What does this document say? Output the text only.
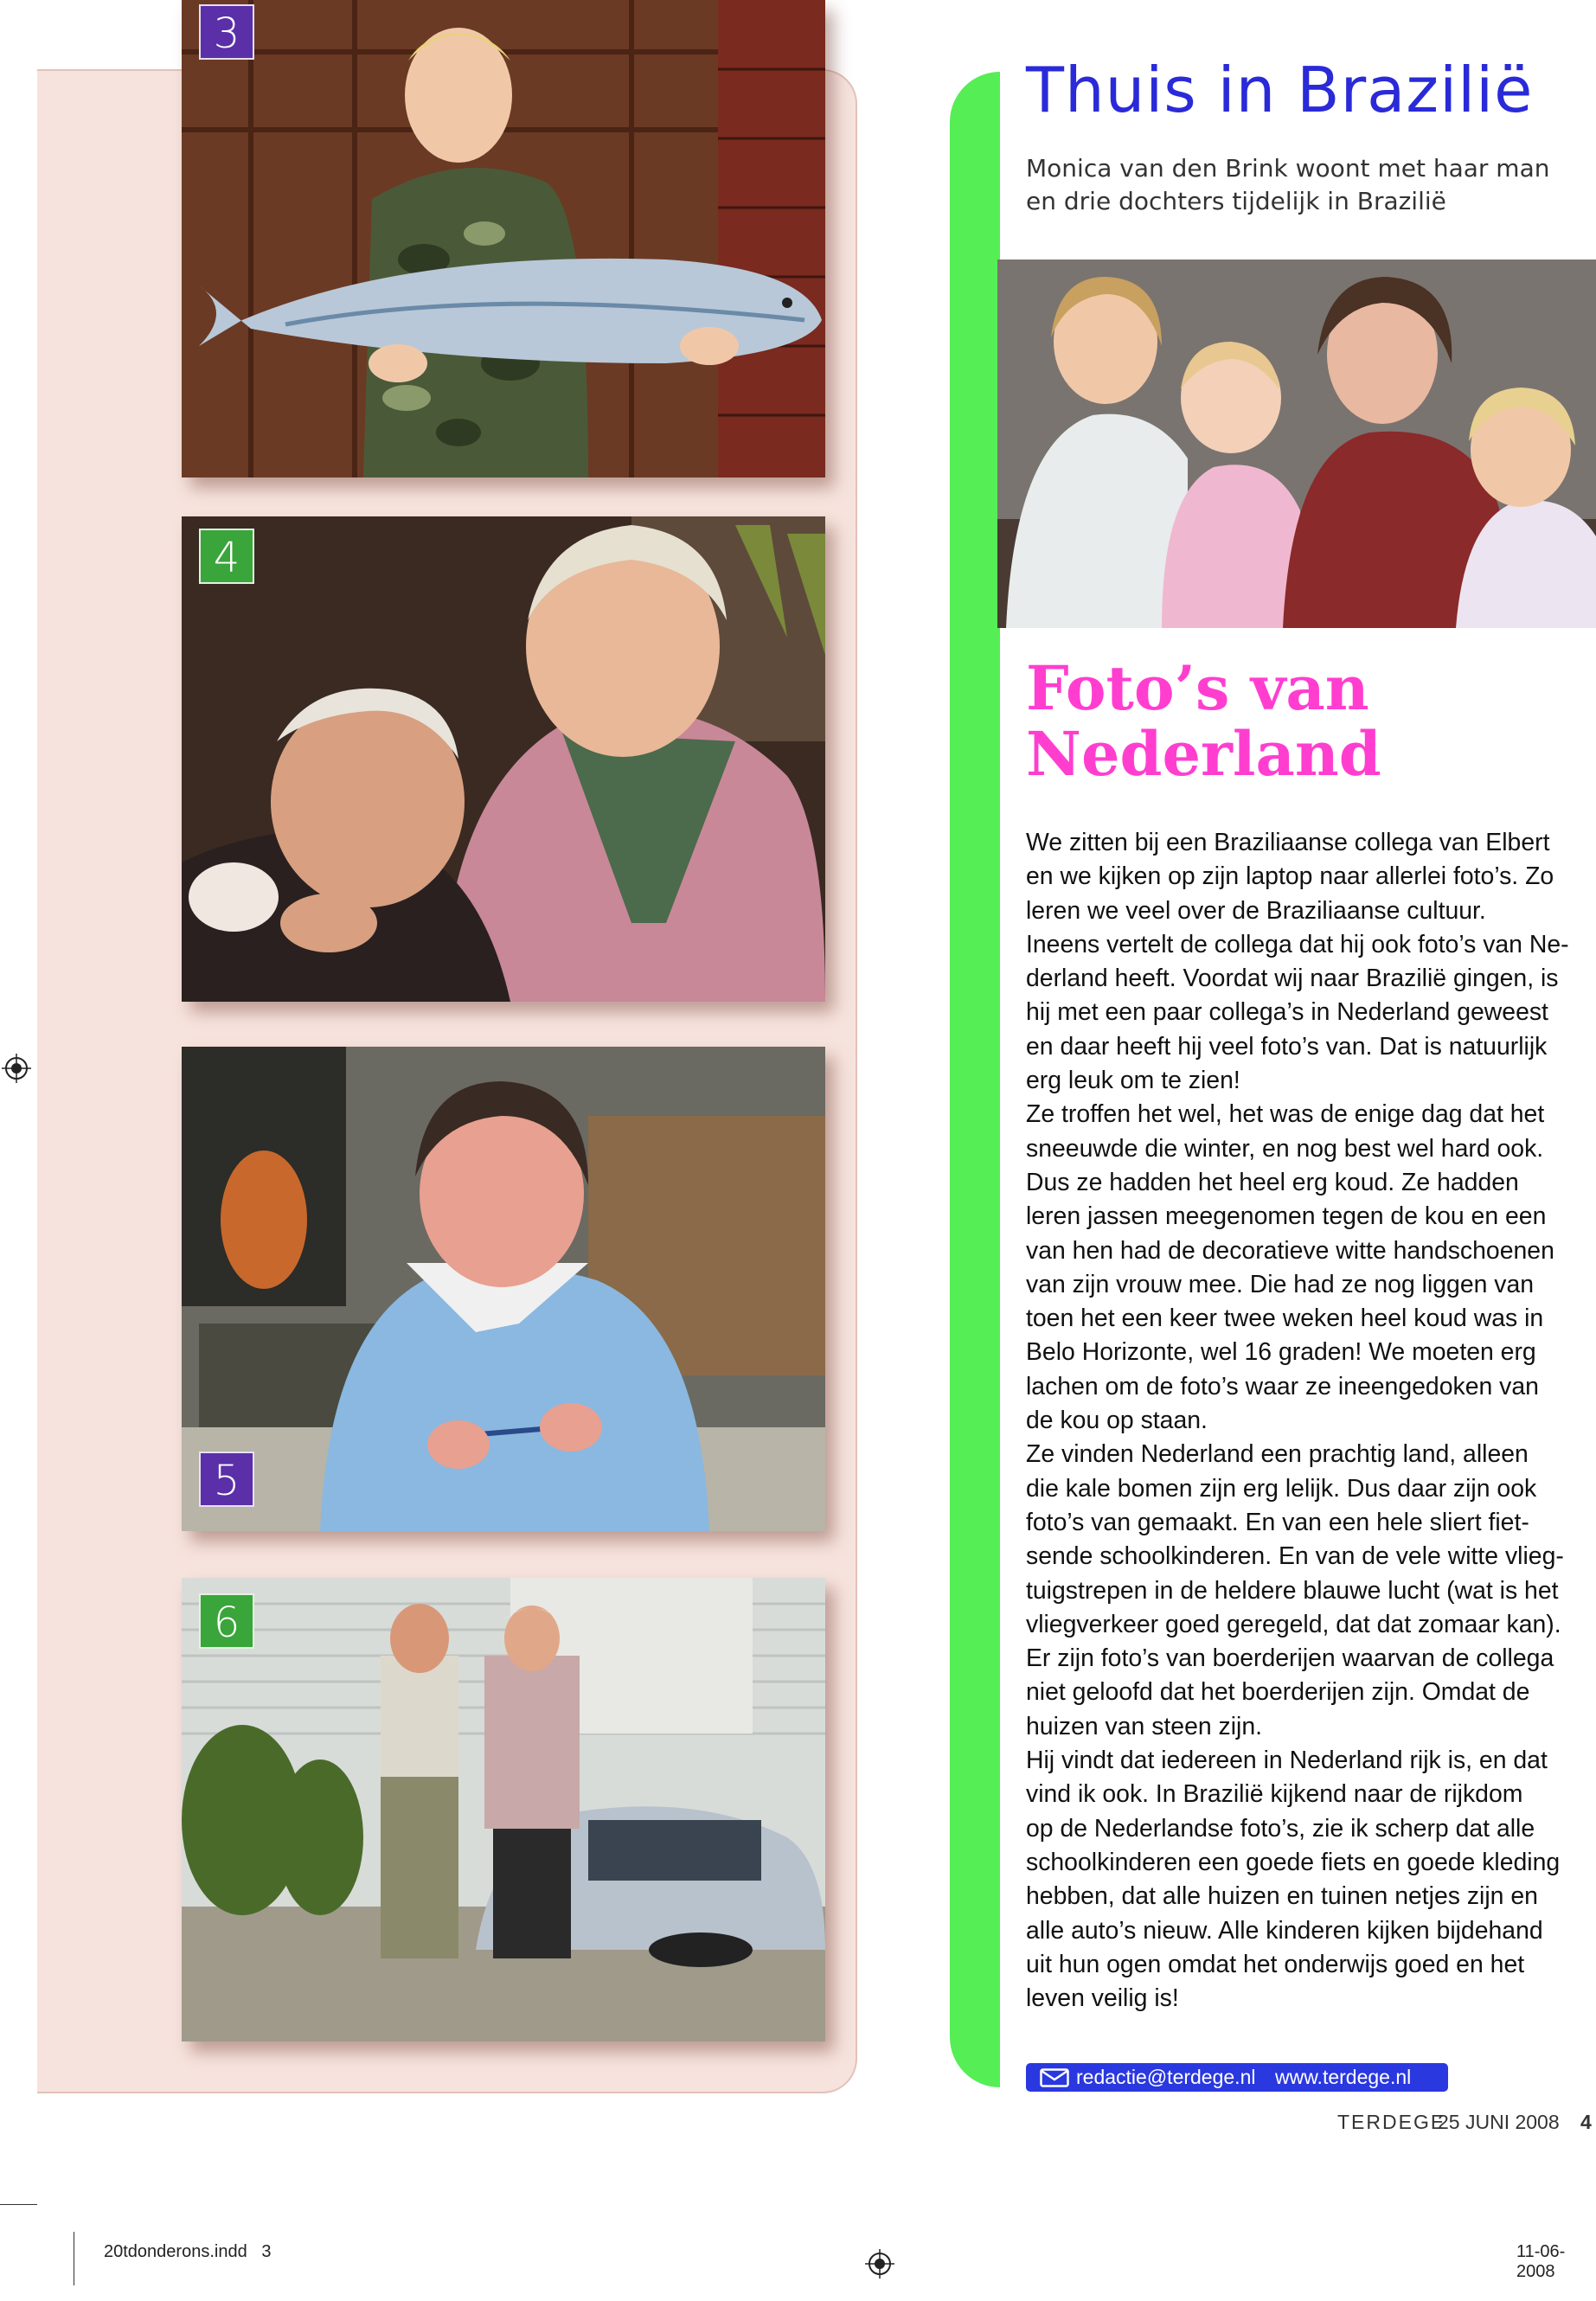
3
4
5
6
Thuis in Brazilië
Monica van den Brink woont met haar man en drie dochters tijdelijk in Brazilië
Foto’s van
Nederland
We zitten bij een Braziliaanse collega van Elbert
en we kijken op zijn laptop naar allerlei foto’s. Zo
leren we veel over de Braziliaanse cultuur.
Ineens vertelt de collega dat hij ook foto’s van Ne-
derland heeft. Voordat wij naar Brazilië gingen, is
hij met een paar collega’s in Nederland geweest
en daar heeft hij veel foto’s van. Dat is natuurlijk
erg leuk om te zien!
Ze troffen het wel, het was de enige dag dat het
sneeuwde die winter, en nog best wel hard ook.
Dus ze hadden het heel erg koud. Ze hadden
leren jassen meegenomen tegen de kou en een
van hen had de decoratieve witte handschoenen
van zijn vrouw mee. Die had ze nog liggen van
toen het een keer twee weken heel koud was in
Belo Horizonte, wel 16 graden! We moeten erg
lachen om de foto’s waar ze ineengedoken van
de kou op staan.
Ze vinden Nederland een prachtig land, alleen
die kale bomen zijn erg lelijk. Dus daar zijn ook
foto’s van gemaakt. En van een hele sliert fiet-
sende schoolkinderen. En van de vele witte vlieg-
tuigstrepen in de heldere blauwe lucht (wat is het
vliegverkeer goed geregeld, dat dat zomaar kan).
Er zijn foto’s van boerderijen waarvan de collega
niet geloofd dat het boerderijen zijn. Omdat de
huizen van steen zijn.
Hij vindt dat iedereen in Nederland rijk is, en dat
vind ik ook. In Brazilië kijkend naar de rijkdom
op de Nederlandse foto’s, zie ik scherp dat alle
schoolkinderen een goede fiets en goede kleding
hebben, dat alle huizen en tuinen netjes zijn en
alle auto’s nieuw. Alle kinderen kijken bijdehand
uit hun ogen omdat het onderwijs goed en het
leven veilig is!
redactie@terdege.nl www.terdege.nl
TERDEGE
25 JUNI 2008 4
20tdonderons.indd   3	11-06-2008
